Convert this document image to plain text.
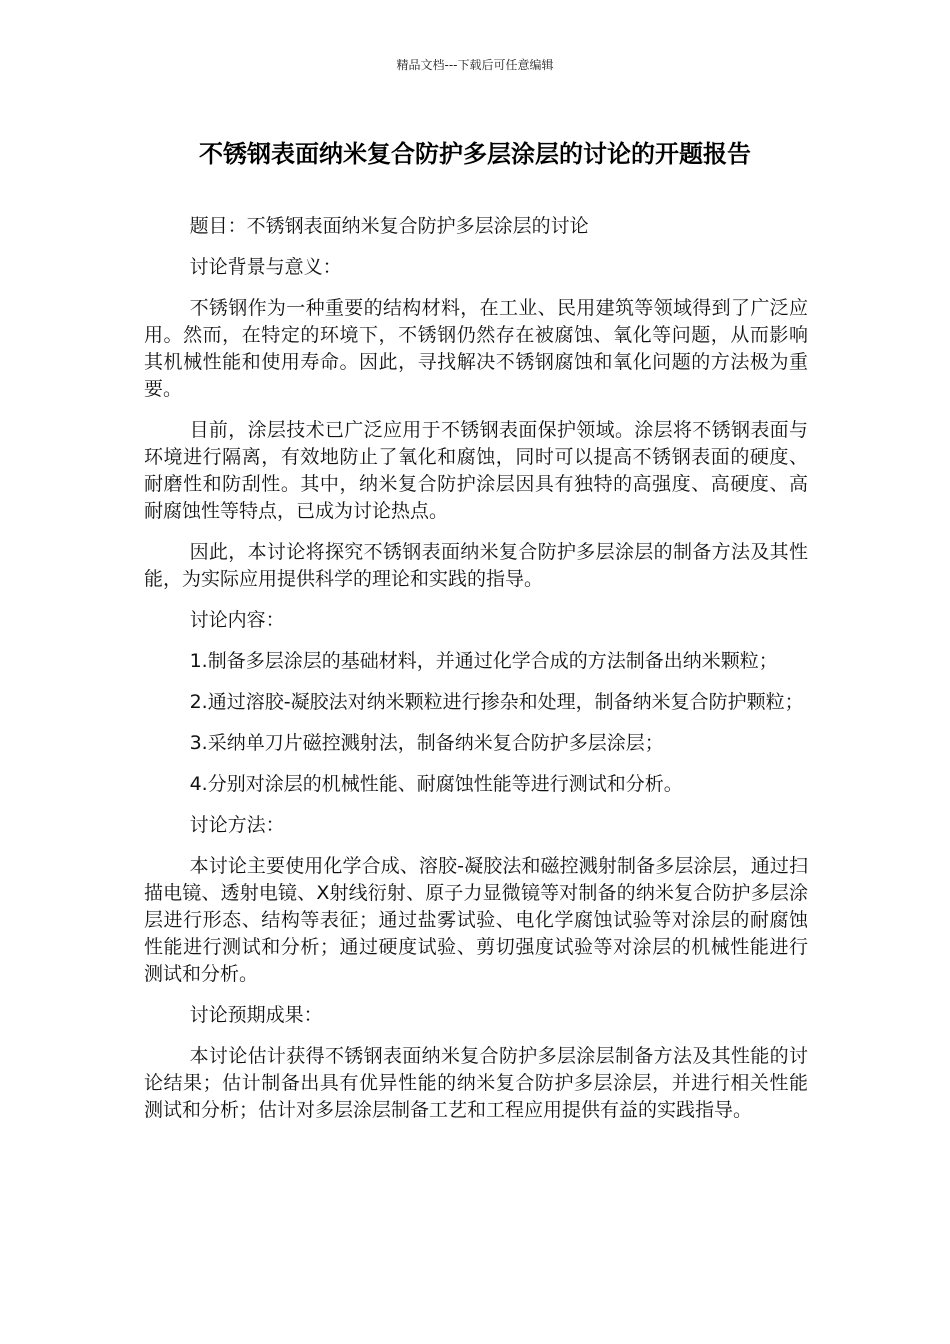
精品文档---下载后可任意编辑
不锈钢表面纳米复合防护多层涂层的讨论的开题报告

题目：不锈钢表面纳米复合防护多层涂层的讨论

讨论背景与意义：

不锈钢作为一种重要的结构材料，在工业、民用建筑等领域得到了广泛应用。然而，在特定的环境下，不锈钢仍然存在被腐蚀、氧化等问题，从而影响其机械性能和使用寿命。因此，寻找解决不锈钢腐蚀和氧化问题的方法极为重要。

目前，涂层技术已广泛应用于不锈钢表面保护领域。涂层将不锈钢表面与环境进行隔离，有效地防止了氧化和腐蚀，同时可以提高不锈钢表面的硬度、耐磨性和防刮性。其中，纳米复合防护涂层因具有独特的高强度、高硬度、高耐腐蚀性等特点，已成为讨论热点。

因此，本讨论将探究不锈钢表面纳米复合防护多层涂层的制备方法及其性能，为实际应用提供科学的理论和实践的指导。

讨论内容：

1.制备多层涂层的基础材料，并通过化学合成的方法制备出纳米颗粒；

2.通过溶胶-凝胶法对纳米颗粒进行掺杂和处理，制备纳米复合防护颗粒；

3.采纳单刀片磁控溅射法，制备纳米复合防护多层涂层；

4.分别对涂层的机械性能、耐腐蚀性能等进行测试和分析。

讨论方法：

本讨论主要使用化学合成、溶胶-凝胶法和磁控溅射制备多层涂层，通过扫描电镜、透射电镜、X射线衍射、原子力显微镜等对制备的纳米复合防护多层涂层进行形态、结构等表征；通过盐雾试验、电化学腐蚀试验等对涂层的耐腐蚀性能进行测试和分析；通过硬度试验、剪切强度试验等对涂层的机械性能进行测试和分析。

讨论预期成果：

本讨论估计获得不锈钢表面纳米复合防护多层涂层制备方法及其性能的讨论结果；估计制备出具有优异性能的纳米复合防护多层涂层，并进行相关性能测试和分析；估计对多层涂层制备工艺和工程应用提供有益的实践指导。
